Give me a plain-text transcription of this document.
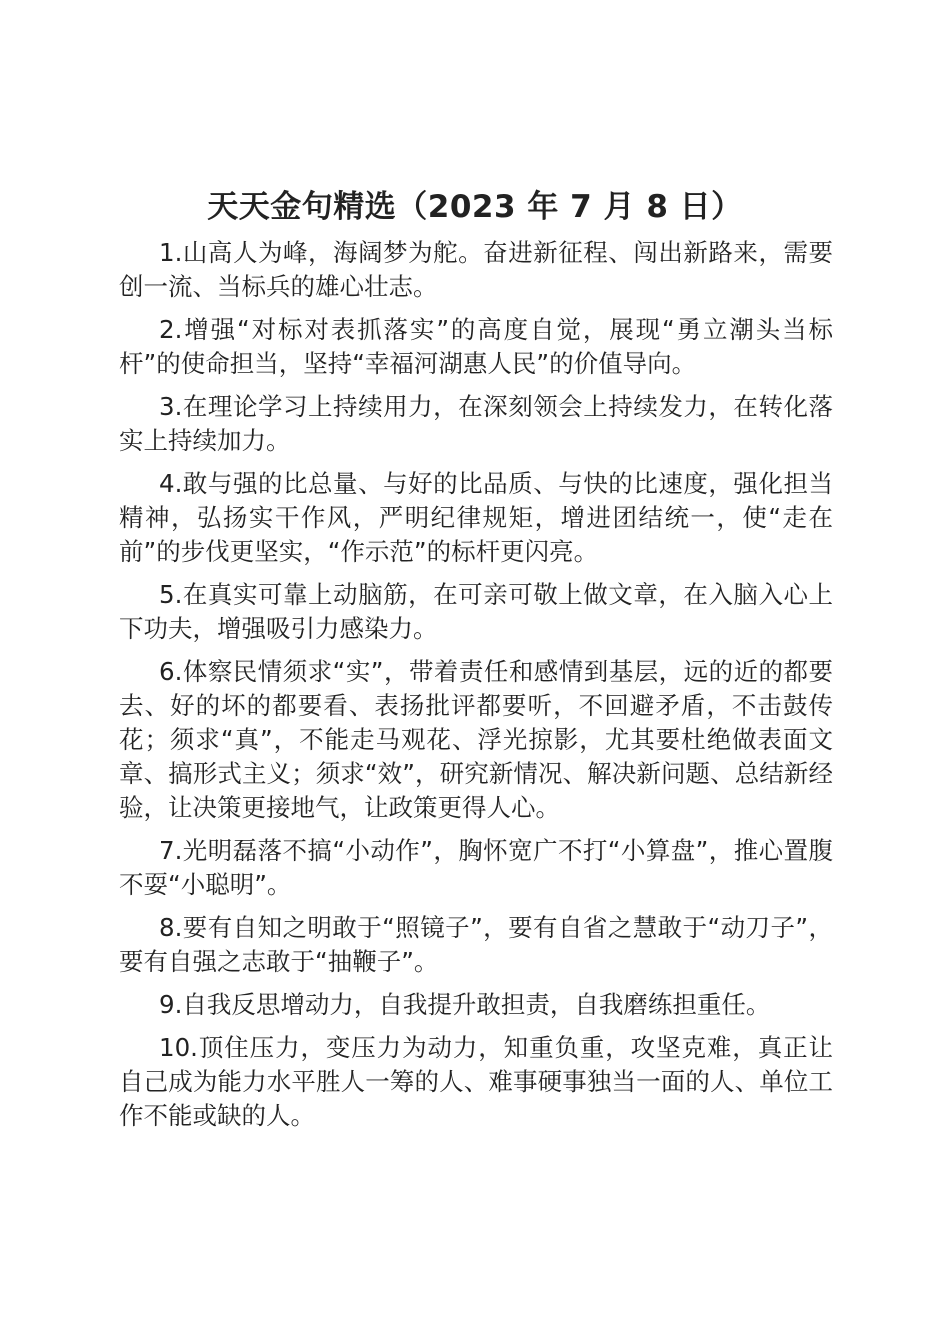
天天金句精选（2023 年 7 月 8 日）

1.山高人为峰，海阔梦为舵。奋进新征程、闯出新路来，需要创一流、当标兵的雄心壮志。

2.增强“对标对表抓落实”的高度自觉，展现“勇立潮头当标杆”的使命担当，坚持“幸福河湖惠人民”的价值导向。

3.在理论学习上持续用力，在深刻领会上持续发力，在转化落实上持续加力。

4.敢与强的比总量、与好的比品质、与快的比速度，强化担当精神，弘扬实干作风，严明纪律规矩，增进团结统一，使“走在前”的步伐更坚实，“作示范”的标杆更闪亮。

5.在真实可靠上动脑筋，在可亲可敬上做文章，在入脑入心上下功夫，增强吸引力感染力。

6.体察民情须求“实”，带着责任和感情到基层，远的近的都要去、好的坏的都要看、表扬批评都要听，不回避矛盾，不击鼓传花；须求“真”，不能走马观花、浮光掠影，尤其要杜绝做表面文章、搞形式主义；须求“效”，研究新情况、解决新问题、总结新经验，让决策更接地气，让政策更得人心。

7.光明磊落不搞“小动作”，胸怀宽广不打“小算盘”，推心置腹不耍“小聪明”。

8.要有自知之明敢于“照镜子”，要有自省之慧敢于“动刀子”，要有自强之志敢于“抽鞭子”。

9.自我反思增动力，自我提升敢担责，自我磨练担重任。

10.顶住压力，变压力为动力，知重负重，攻坚克难，真正让自己成为能力水平胜人一筹的人、难事硬事独当一面的人、单位工作不能或缺的人。
